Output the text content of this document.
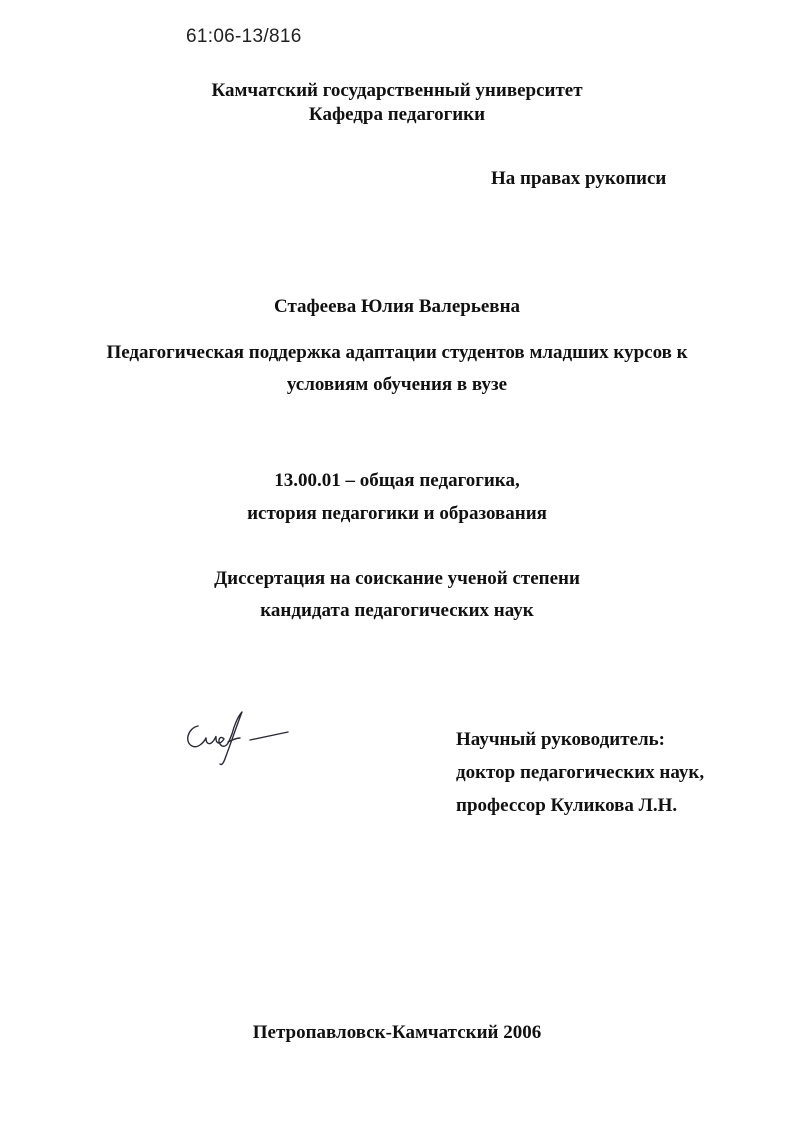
61:06-13/816
Камчатский государственный университет
Кафедра педагогики
На правах рукописи
Стафеева Юлия Валерьевна
Педагогическая поддержка адаптации студентов младших курсов к
условиям обучения в вузе
13.00.01 – общая педагогика,
история педагогики и образования
Диссертация на соискание ученой степени
кандидата педагогических наук
Научный руководитель:
доктор педагогических наук,
профессор Куликова Л.Н.
Петропавловск-Камчатский 2006
